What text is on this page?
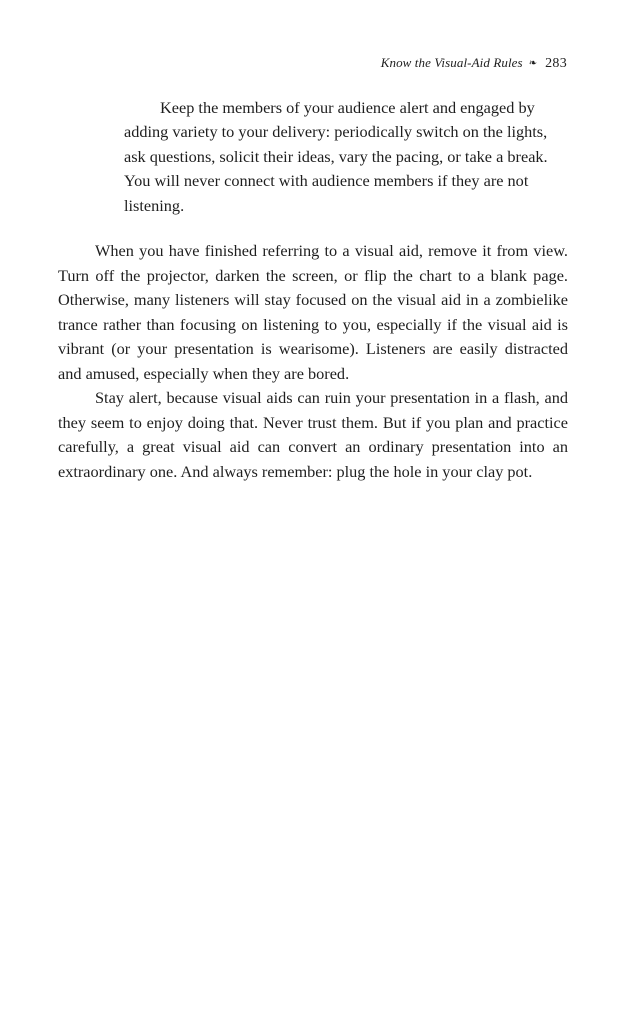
Know the Visual-Aid Rules ❧ 283

Keep the members of your audience alert and engaged by adding variety to your delivery: periodically switch on the lights, ask questions, solicit their ideas, vary the pacing, or take a break. You will never connect with audience members if they are not listening.

When you have finished referring to a visual aid, remove it from view. Turn off the projector, darken the screen, or flip the chart to a blank page. Otherwise, many listeners will stay focused on the visual aid in a zombielike trance rather than focusing on listening to you, especially if the visual aid is vibrant (or your presentation is wearisome). Listeners are easily distracted and amused, especially when they are bored.

Stay alert, because visual aids can ruin your presentation in a flash, and they seem to enjoy doing that. Never trust them. But if you plan and practice carefully, a great visual aid can convert an ordinary presentation into an extraordinary one. And always remember: plug the hole in your clay pot.
